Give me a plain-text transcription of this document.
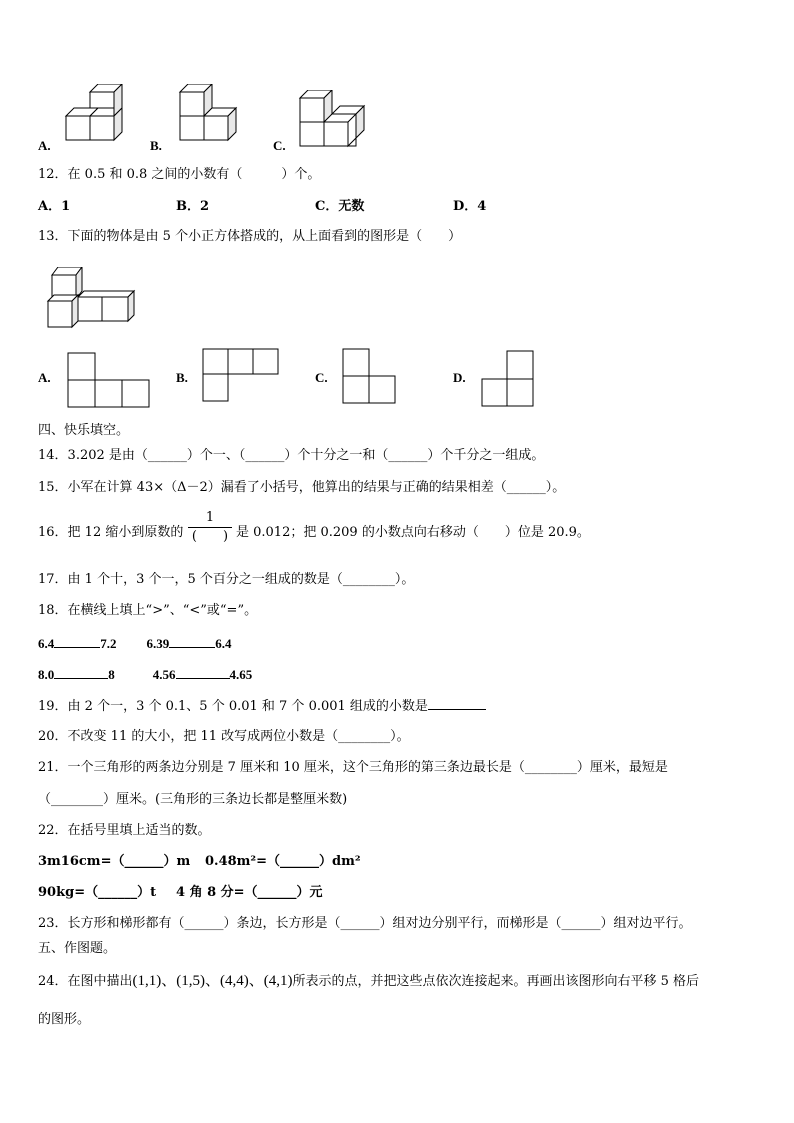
A.	B.	C.
12．在 0.5 和 0.8 之间的小数有（　　　）个。
A．1	B．2	C．无数	D．4
13．下面的物体是由 5 个小正方体搭成的，从上面看到的图形是（　　）
A.	B.	C.	D.
四、快乐填空。
14．3.202 是由（______）个一、（______）个十分之一和（______）个千分之一组成。
15．小军在计算 43×（Δ－2）漏看了小括号，他算出的结果与正确的结果相差（______）。
16．把 12 缩小到原数的
1
(　　) 是 0.012；把 0.209 的小数点向右移动（　　）位是 20.9。
17．由 1 个十，3 个一，5 个百分之一组成的数是（________）。
18．在横线上填上“>”、“<”或“=”。
6.4	7.2 6.39	6.4
8.0	8	4.56	4.65
19．由 2 个一，3 个 0.1、5 个 0.01 和 7 个 0.001 组成的小数是
20．不改变 11 的大小，把 11 改写成两位小数是（________）。
21．一个三角形的两条边分别是 7 厘米和 10 厘米，这个三角形的第三条边最长是（________）厘米，最短是
（________）厘米。(三角形的三条边长都是整厘米数)
22．在括号里填上适当的数。
3m16cm=（______）m 0.48m²=（______）dm²
90kg=（______）t 4 角 8 分=（______）元
23．长方形和梯形都有（______）条边，长方形是（______）组对边分别平行，而梯形是（______）组对边平行。
五、作图题。
24．在图中描出(1,1)、(1,5)、(4,4)、(4,1)所表示的点，并把这些点依次连接起来。再画出该图形向右平移 5 格后
的图形。
